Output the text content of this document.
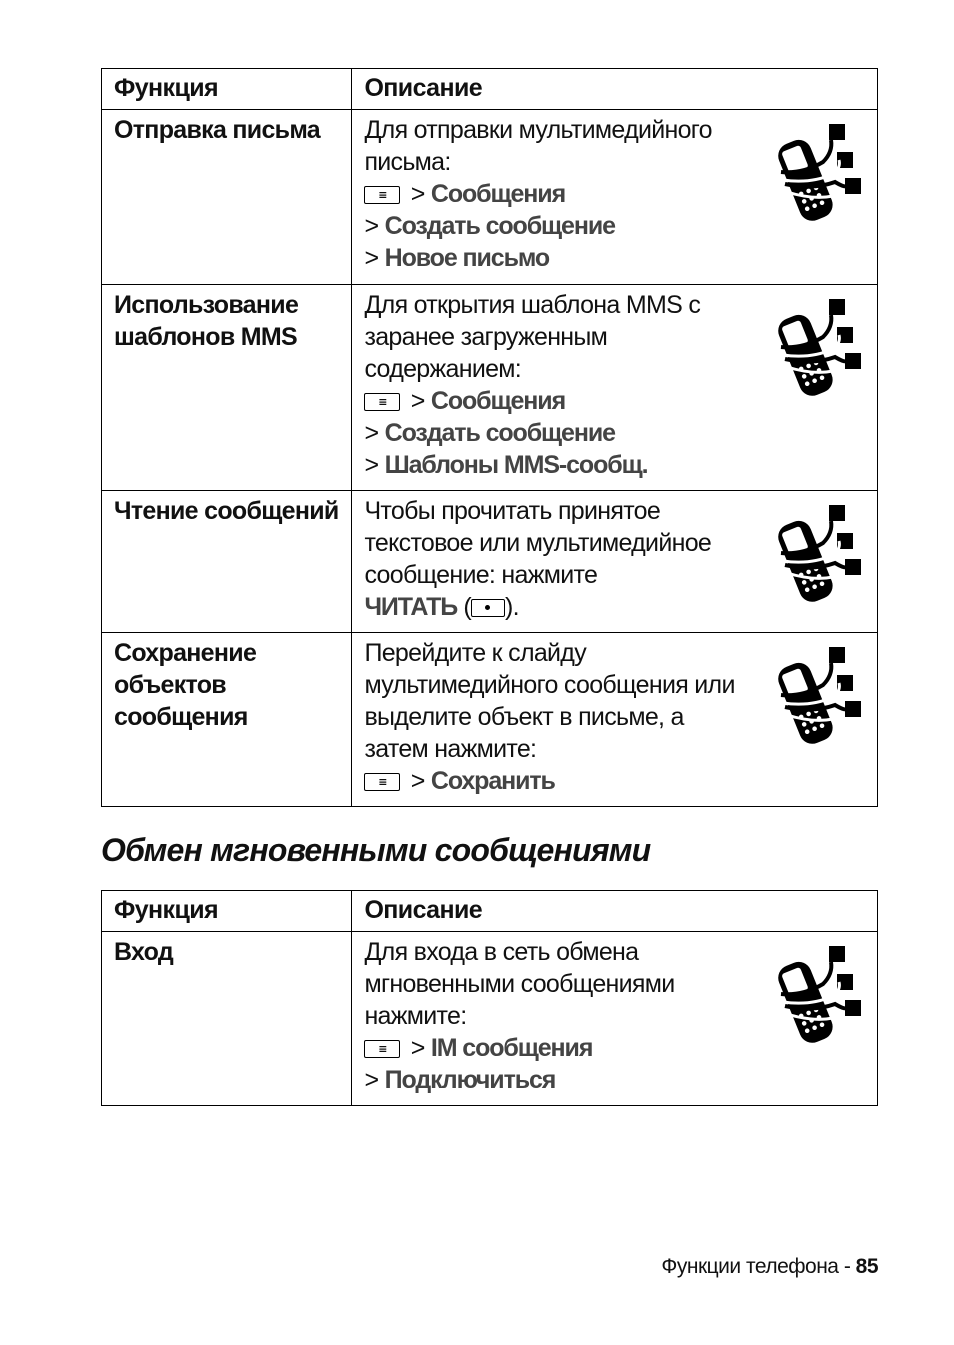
Функция	Описание
Отправка письма	Для отправки мультимедийного письма:

≡ > Сообщения
> Создать сообщение
> Новое письмо

Использование шаблонов MMS	Для открытия шаблона MMS с заранее загруженным содержанием:

≡ > Сообщения
> Создать сообщение
> Шаблоны MMS-сообщ.

Чтение сообщений	Чтобы прочитать принятое текстовое или мультимедийное сообщение: нажмите
ЧИТАТЬ ( ).

Сохранение объектов сообщения	Перейдите к слайду мультимедийного сообщения или выделите объект в письме, а затем нажмите:

≡ > Сохранить
Обмен мгновенными сообщениями
Функция	Описание
Вход	Для входа в сеть обмена мгновенными сообщениями нажмите:

≡ > IM сообщения
> Подключиться
Функции телефона - 85
